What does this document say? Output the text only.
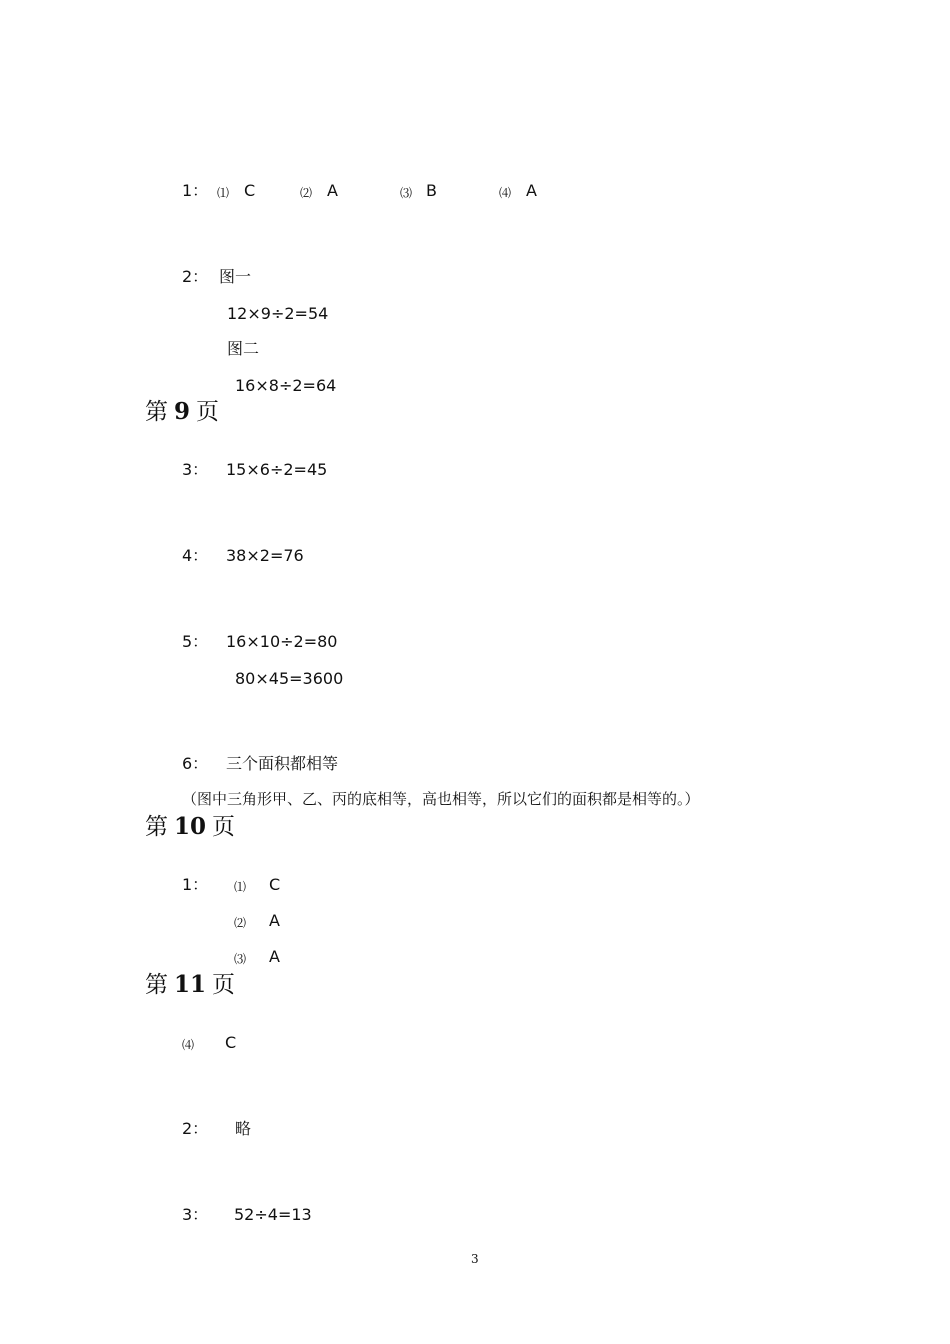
1： ⑴ C	⑵ A	⑶ B	⑷ A
2： 图一
12×9÷2=54
图二
16×8÷2=64
第 9 页
3： 15×6÷2=45
4： 38×2=76
5： 16×10÷2=80
80×45=3600
6： 三个面积都相等
（图中三角形甲、乙、丙的底相等，高也相等，所以它们的面积都是相等的。）
第 10 页
1： ⑴ C
⑵ A
⑶ A
第 11 页
⑷ C
2： 略
3： 52÷4=13
3
